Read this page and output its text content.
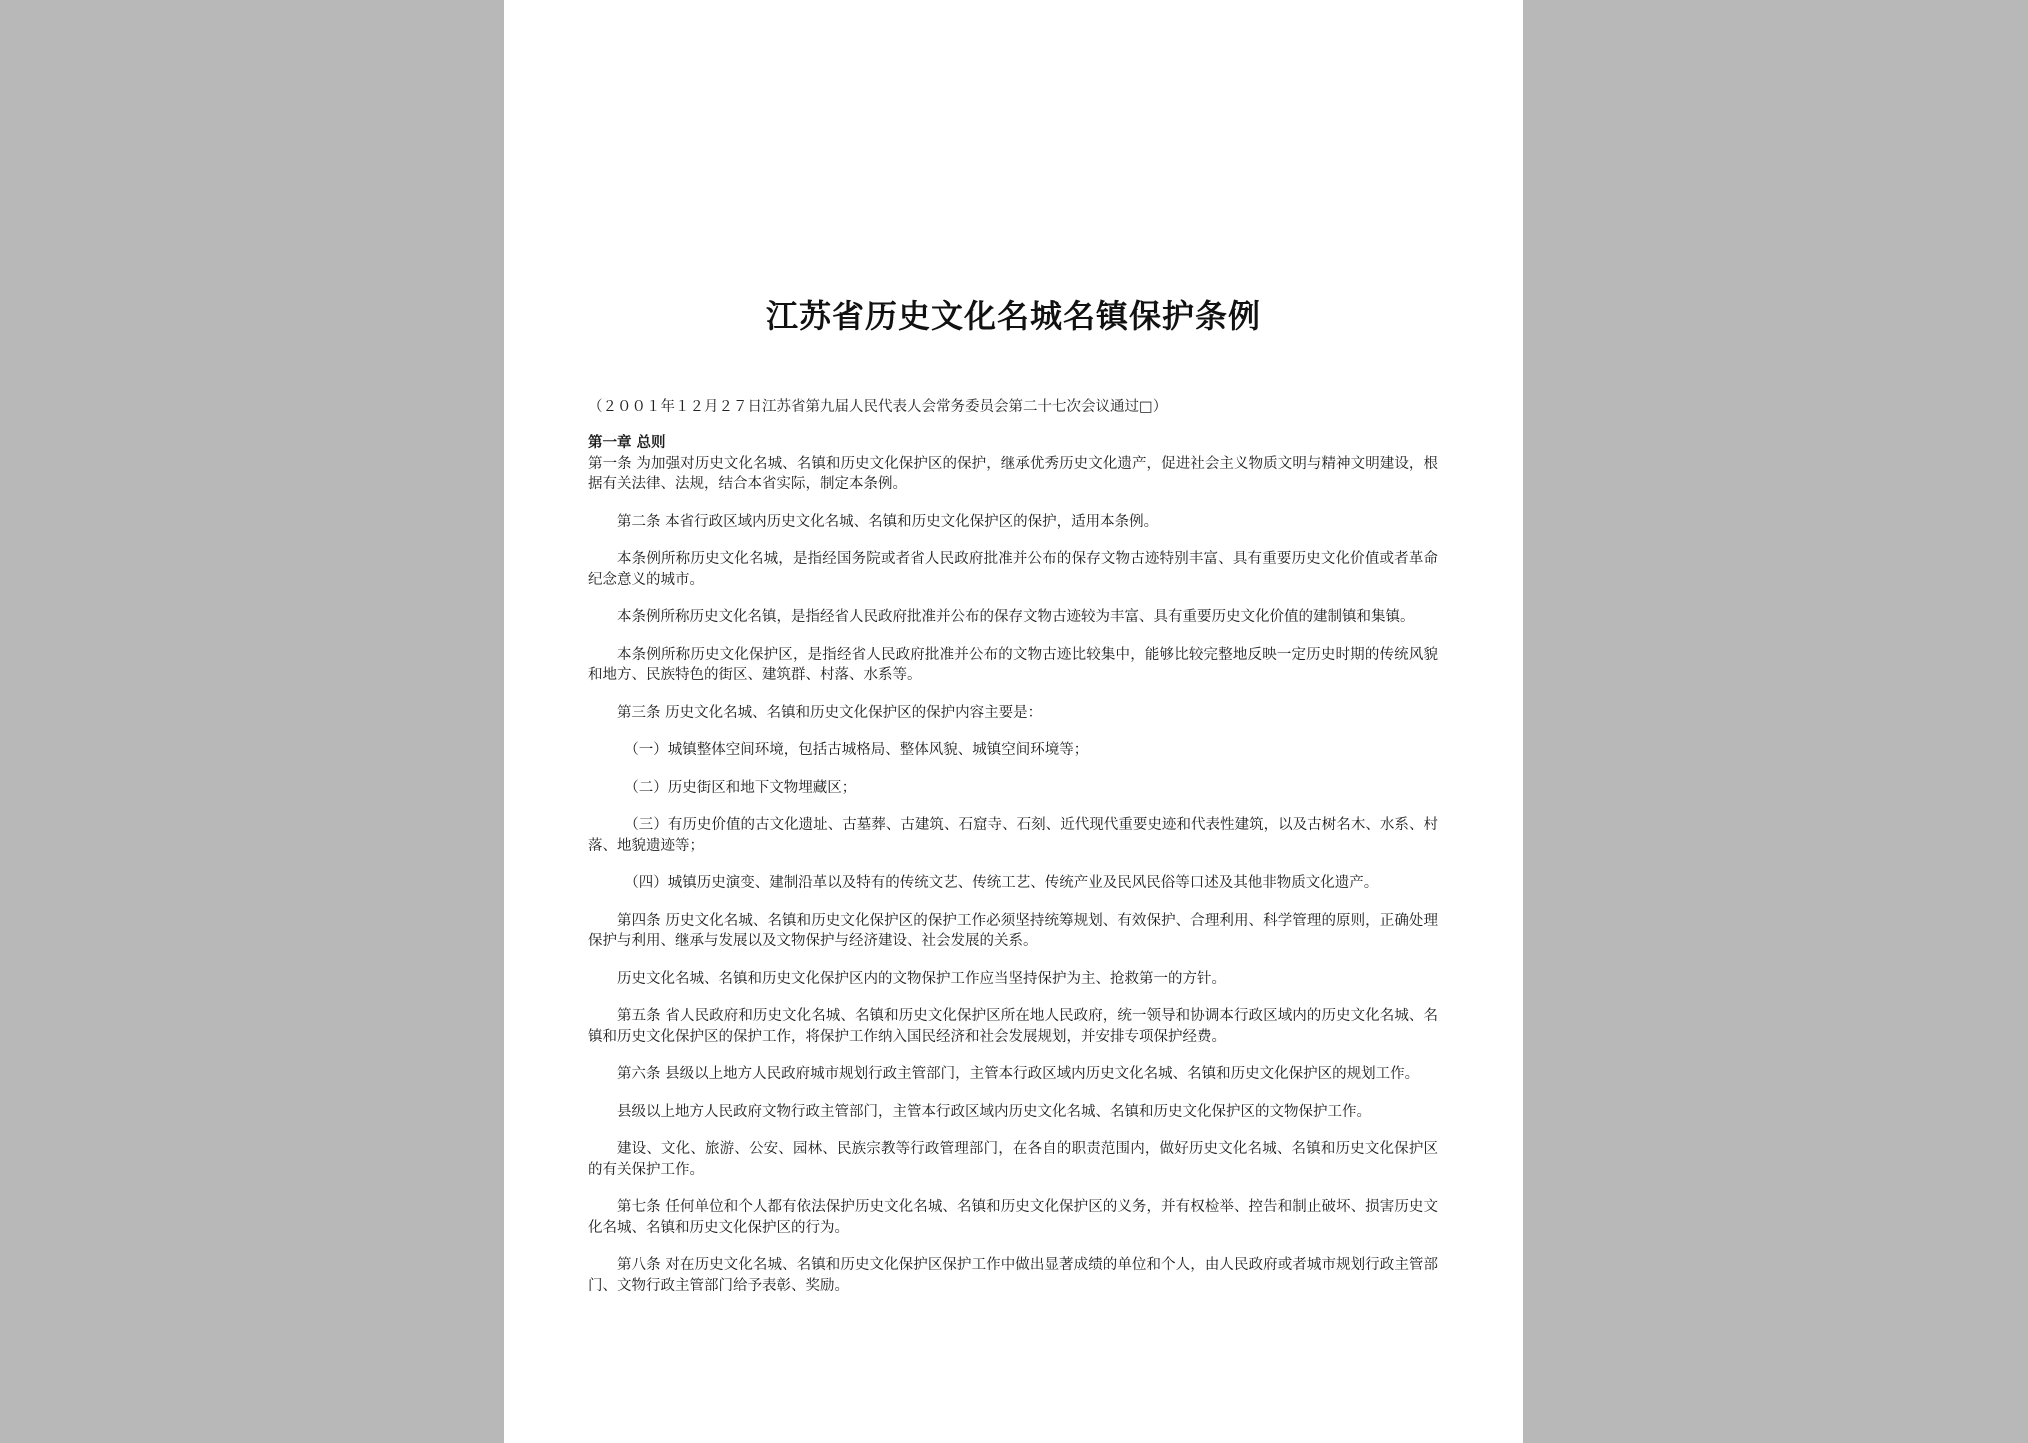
江苏省历史文化名城名镇保护条例
（２００１年１２月２７日江苏省第九届人民代表人会常务委员会第二十七次会议通过□）

第一章 总则

第一条 为加强对历史文化名城、名镇和历史文化保护区的保护，继承优秀历史文化遗产，促进社会主义物质文明与精神文明建设，根据有关法律、法规，结合本省实际，制定本条例。

第二条 本省行政区域内历史文化名城、名镇和历史文化保护区的保护，适用本条例。

本条例所称历史文化名城，是指经国务院或者省人民政府批准并公布的保存文物古迹特别丰富、具有重要历史文化价值或者革命纪念意义的城市。

本条例所称历史文化名镇，是指经省人民政府批准并公布的保存文物古迹较为丰富、具有重要历史文化价值的建制镇和集镇。

本条例所称历史文化保护区，是指经省人民政府批准并公布的文物古迹比较集中，能够比较完整地反映一定历史时期的传统风貌和地方、民族特色的街区、建筑群、村落、水系等。

第三条 历史文化名城、名镇和历史文化保护区的保护内容主要是：

（一）城镇整体空间环境，包括古城格局、整体风貌、城镇空间环境等；

（二）历史街区和地下文物埋藏区；

（三）有历史价值的古文化遗址、古墓葬、古建筑、石窟寺、石刻、近代现代重要史迹和代表性建筑，以及古树名木、水系、村落、地貌遗迹等；

（四）城镇历史演变、建制沿革以及特有的传统文艺、传统工艺、传统产业及民风民俗等口述及其他非物质文化遗产。

第四条 历史文化名城、名镇和历史文化保护区的保护工作必须坚持统筹规划、有效保护、合理利用、科学管理的原则，正确处理保护与利用、继承与发展以及文物保护与经济建设、社会发展的关系。

历史文化名城、名镇和历史文化保护区内的文物保护工作应当坚持保护为主、抢救第一的方针。

第五条 省人民政府和历史文化名城、名镇和历史文化保护区所在地人民政府，统一领导和协调本行政区域内的历史文化名城、名镇和历史文化保护区的保护工作，将保护工作纳入国民经济和社会发展规划，并安排专项保护经费。

第六条 县级以上地方人民政府城市规划行政主管部门，主管本行政区域内历史文化名城、名镇和历史文化保护区的规划工作。

县级以上地方人民政府文物行政主管部门，主管本行政区域内历史文化名城、名镇和历史文化保护区的文物保护工作。

建设、文化、旅游、公安、园林、民族宗教等行政管理部门，在各自的职责范围内，做好历史文化名城、名镇和历史文化保护区的有关保护工作。

第七条 任何单位和个人都有依法保护历史文化名城、名镇和历史文化保护区的义务，并有权检举、控告和制止破坏、损害历史文化名城、名镇和历史文化保护区的行为。

第八条 对在历史文化名城、名镇和历史文化保护区保护工作中做出显著成绩的单位和个人，由人民政府或者城市规划行政主管部门、文物行政主管部门给予表彰、奖励。
